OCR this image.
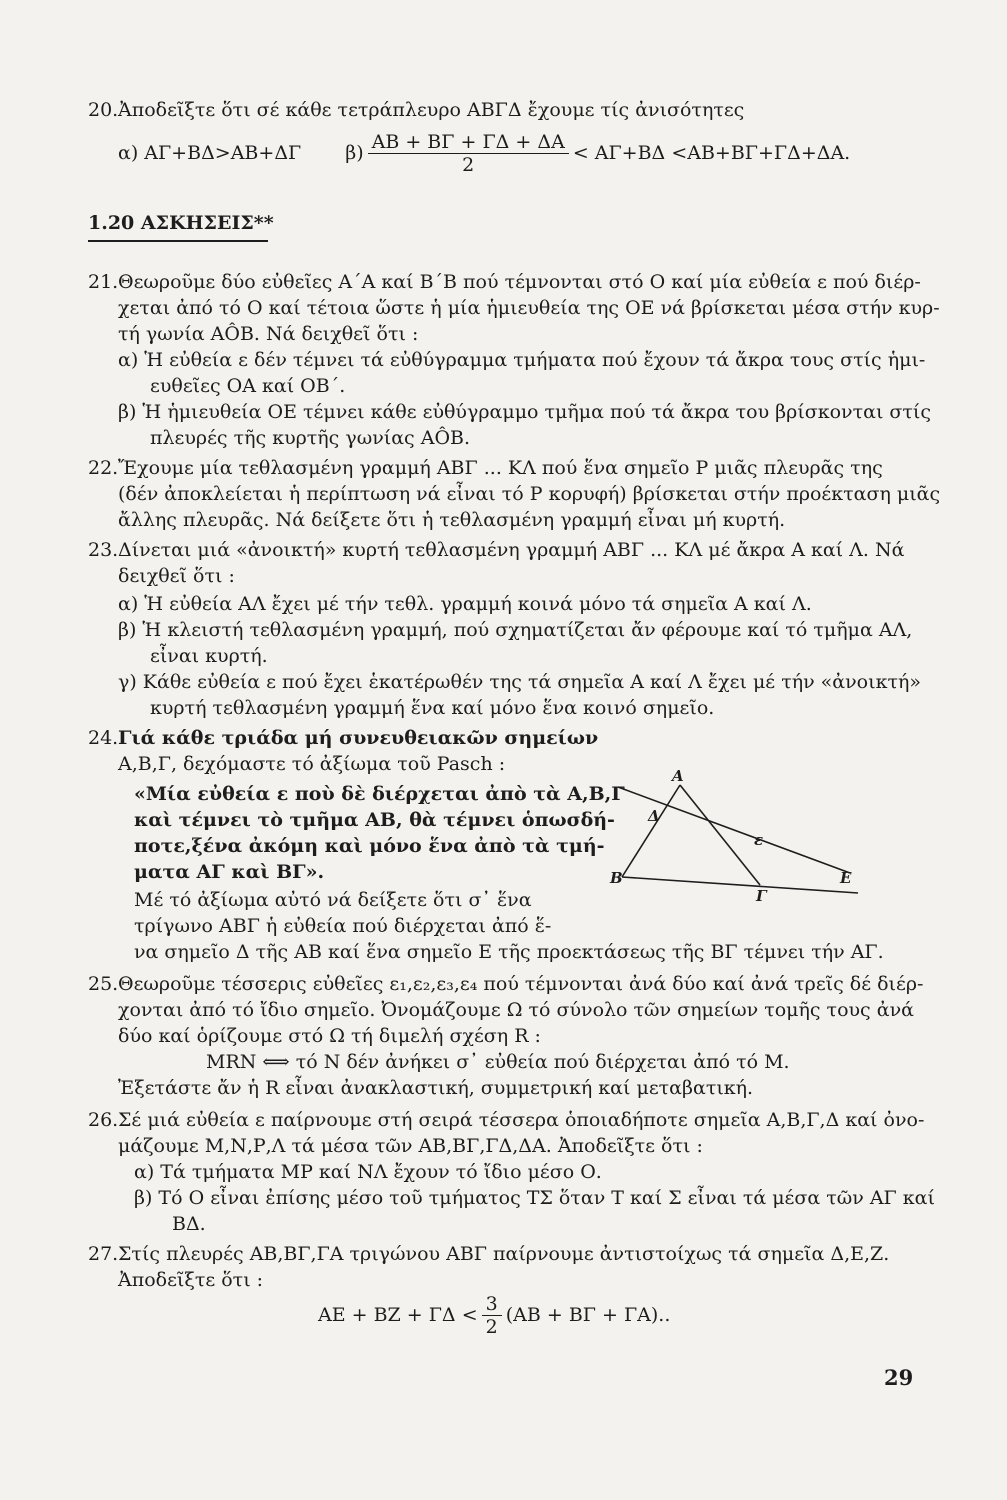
20.Ἀποδεῖξτε ὅτι σέ κάθε τετράπλευρο ΑΒΓΔ ἔχουμε τίς ἀνισότητες
α) ΑΓ+ΒΔ>ΑΒ+ΔΓ $\beta) \frac{AB + B\Gamma + \Gamma\Delta + \Delta A}{2} < A\Gamma+B\Delta <AB+B\Gamma+\Gamma\Delta+\Delta A$.
1.20 ΑΣΚΗΣΕΙΣ**
21.Θεωροῦμε δύο εὐθεῖες Α΄Α καί Β΄Β πού τέμνονται στό Ο καί μία εὐθεία ε πού διέρ-
χεται ἀπό τό Ο καί τέτοια ὥστε ἡ μία ἡμιευθεία της ΟΕ νά βρίσκεται μέσα στήν κυρ-
τή γωνία ΑÔΒ. Νά δειχθεῖ ὅτι :
α) Ἡ εὐθεία ε δέν τέμνει τά εὐθύγραμμα τμήματα πού ἔχουν τά ἄκρα τους στίς ἡμι-
ευθεῖες ΟΑ καί ΟΒ΄.
β) Ἡ ἡμιευθεία ΟΕ τέμνει κάθε εὐθύγραμμο τμῆμα πού τά ἄκρα του βρίσκονται στίς
πλευρές τῆς κυρτῆς γωνίας ΑÔΒ.
22.Ἔχουμε μία τεθλασμένη γραμμή ΑΒΓ ... ΚΛ πού ἕνα σημεῖο Ρ μιᾶς πλευρᾶς της
(δέν ἀποκλείεται ἡ περίπτωση νά εἶναι τό Ρ κορυφή) βρίσκεται στήν προέκταση μιᾶς
ἄλλης πλευρᾶς. Νά δείξετε ὅτι ἡ τεθλασμένη γραμμή εἶναι μή κυρτή.
23.Δίνεται μιά «ἀνοικτή» κυρτή τεθλασμένη γραμμή ΑΒΓ ... ΚΛ μέ ἄκρα Α καί Λ. Νά
δειχθεῖ ὅτι :
α) Ἡ εὐθεία ΑΛ ἔχει μέ τήν τεθλ. γραμμή κοινά μόνο τά σημεῖα Α καί Λ.
β) Ἡ κλειστή τεθλασμένη γραμμή, πού σχηματίζεται ἄν φέρουμε καί τό τμῆμα ΑΛ,
εἶναι κυρτή.
γ) Κάθε εὐθεία ε πού ἔχει ἑκατέρωθέν της τά σημεῖα Α καί Λ ἔχει μέ τήν «ἀνοικτή»
κυρτή τεθλασμένη γραμμή ἕνα καί μόνο ἕνα κοινό σημεῖο.
24.Γιά κάθε τριάδα μή συνευθειακῶν σημείων
Α,Β,Γ, δεχόμαστε τό ἀξίωμα τοῦ Pasch :
«Μία εὐθεία ε ποὺ δὲ διέρχεται ἀπὸ τὰ Α,Β,Γ
καὶ τέμνει τὸ τμῆμα ΑΒ, θὰ τέμνει ὁπωσδή-
ποτε,ξένα ἀκόμη καὶ μόνο ἕνα ἀπὸ τὰ τμή-
ματα ΑΓ καὶ ΒΓ».
Μέ τό ἀξίωμα αὐτό νά δείξετε ὅτι σ᾿ ἕνα
τρίγωνο ΑΒΓ ἡ εὐθεία πού διέρχεται ἀπό ἕ-
να σημεῖο Δ τῆς ΑΒ καί ἕνα σημεῖο Ε τῆς προεκτάσεως τῆς ΒΓ τέμνει τήν ΑΓ.
Α
Δ
ε
Β
Γ
Ε
25.Θεωροῦμε τέσσερις εὐθεῖες ε₁,ε₂,ε₃,ε₄ πού τέμνονται ἀνά δύο καί ἀνά τρεῖς δέ διέρ-
χονται ἀπό τό ἴδιο σημεῖο. Ὀνομάζουμε Ω τό σύνολο τῶν σημείων τομῆς τους ἀνά
δύο καί ὁρίζουμε στό Ω τή διμελή σχέση R :
MRN ⟺ τό N δέν ἀνήκει σ᾿ εὐθεία πού διέρχεται ἀπό τό M.
Ἐξετάστε ἄν ἡ R εἶναι ἀνακλαστική, συμμετρική καί μεταβατική.
26.Σέ μιά εὐθεία ε παίρνουμε στή σειρά τέσσερα ὁποιαδήποτε σημεῖα Α,Β,Γ,Δ καί ὀνο-
μάζουμε Μ,Ν,Ρ,Λ τά μέσα τῶν ΑΒ,ΒΓ,ΓΔ,ΔΑ. Ἀποδεῖξτε ὅτι :
α) Τά τμήματα ΜΡ καί ΝΛ ἔχουν τό ἴδιο μέσο Ο.
β) Τό Ο εἶναι ἐπίσης μέσο τοῦ τμήματος ΤΣ ὅταν Τ καί Σ εἶναι τά μέσα τῶν ΑΓ καί
ΒΔ.
27.Στίς πλευρές ΑΒ,ΒΓ,ΓΑ τριγώνου ΑΒΓ παίρνουμε ἀντιστοίχως τά σημεῖα Δ,Ε,Ζ.
Ἀποδεῖξτε ὅτι :
$AE + BZ + \Gamma\Delta < \frac{3}{2} (AB + B\Gamma + \Gamma A)$..
29
